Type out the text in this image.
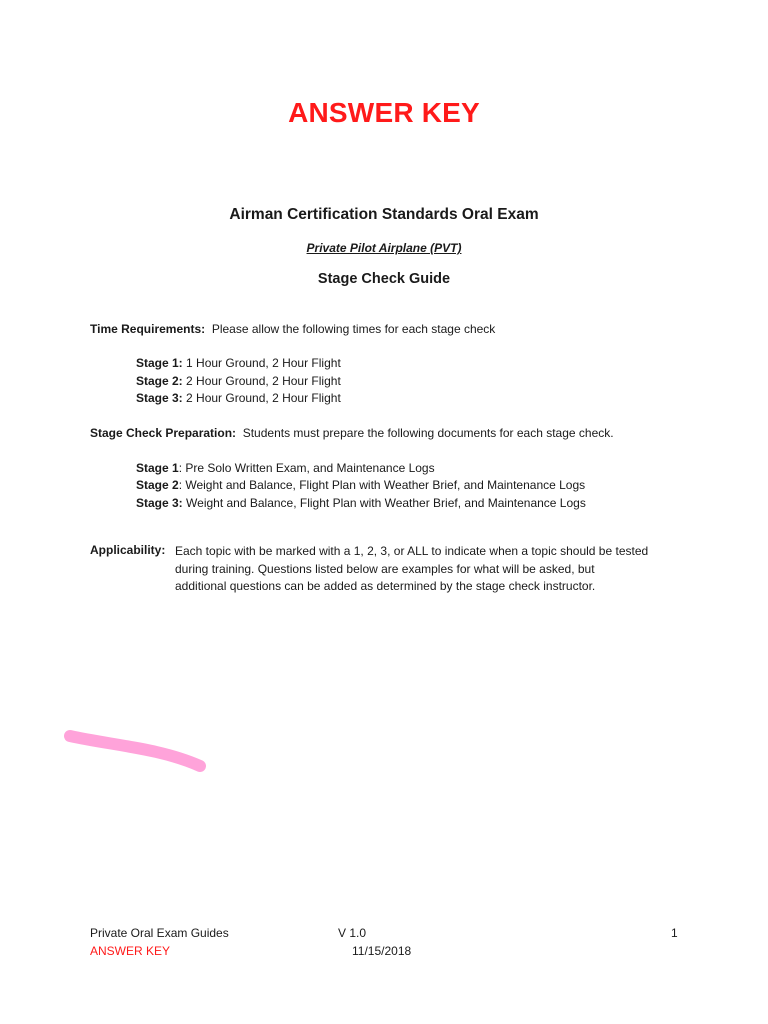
ANSWER KEY
Airman Certification Standards Oral Exam
Private Pilot Airplane (PVT)
Stage Check Guide
Time Requirements: Please allow the following times for each stage check
Stage 1: 1 Hour Ground, 2 Hour Flight
Stage 2: 2 Hour Ground, 2 Hour Flight
Stage 3: 2 Hour Ground, 2 Hour Flight
Stage Check Preparation: Students must prepare the following documents for each stage check.
Stage 1: Pre Solo Written Exam, and Maintenance Logs
Stage 2: Weight and Balance, Flight Plan with Weather Brief, and Maintenance Logs
Stage 3: Weight and Balance, Flight Plan with Weather Brief, and Maintenance Logs
Applicability: Each topic with be marked with a 1, 2, 3, or ALL to indicate when a topic should be tested
during training. Questions listed below are examples for what will be asked, but
additional questions can be added as determined by the stage check instructor.
Private Oral Exam Guides
ANSWER KEY
V 1.0
11/15/2018
1
